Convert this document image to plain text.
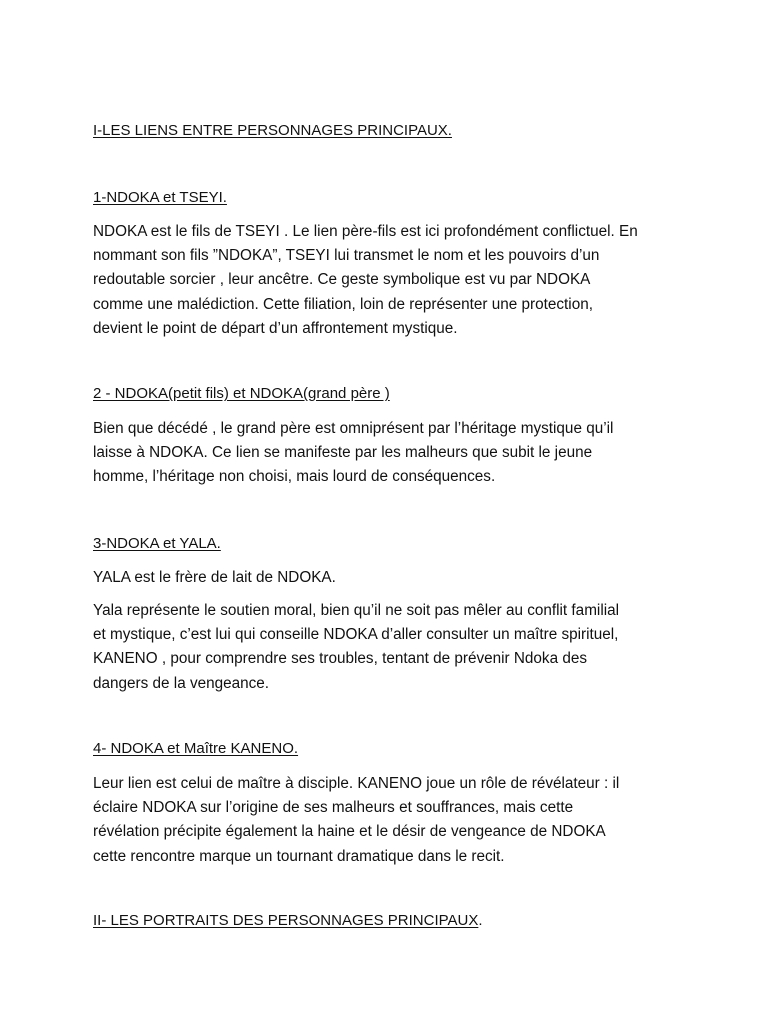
I-LES LIENS ENTRE PERSONNAGES PRINCIPAUX.
1-NDOKA et TSEYI.

NDOKA est le fils de TSEYI . Le lien père-fils est ici profondément conflictuel. En
nommant son fils ”NDOKA”, TSEYI lui transmet le nom et les pouvoirs d’un
redoutable sorcier , leur ancêtre. Ce geste symbolique est vu par NDOKA
comme une malédiction. Cette filiation, loin de représenter une protection,
devient le point de départ d’un affrontement mystique.

2 - NDOKA(petit fils) et NDOKA(grand père )

Bien que décédé , le grand père est omniprésent par l’héritage mystique qu’il
laisse à NDOKA. Ce lien se manifeste par les malheurs que subit le jeune
homme, l’héritage non choisi, mais lourd de conséquences.

3-NDOKA et YALA.

YALA est le frère de lait de NDOKA.

Yala représente le soutien moral, bien qu’il ne soit pas mêler au conflit familial
et mystique, c’est lui qui conseille NDOKA d’aller consulter un maître spirituel,
KANENO , pour comprendre ses troubles, tentant de prévenir Ndoka des
dangers de la vengeance.

4- NDOKA et Maître KANENO.

Leur lien est celui de maître à disciple. KANENO joue un rôle de révélateur : il
éclaire NDOKA sur l’origine de ses malheurs et souffrances, mais cette
révélation précipite également la haine et le désir de vengeance de NDOKA
cette rencontre marque un tournant dramatique dans le recit.

II- LES PORTRAITS DES PERSONNAGES PRINCIPAUX.
